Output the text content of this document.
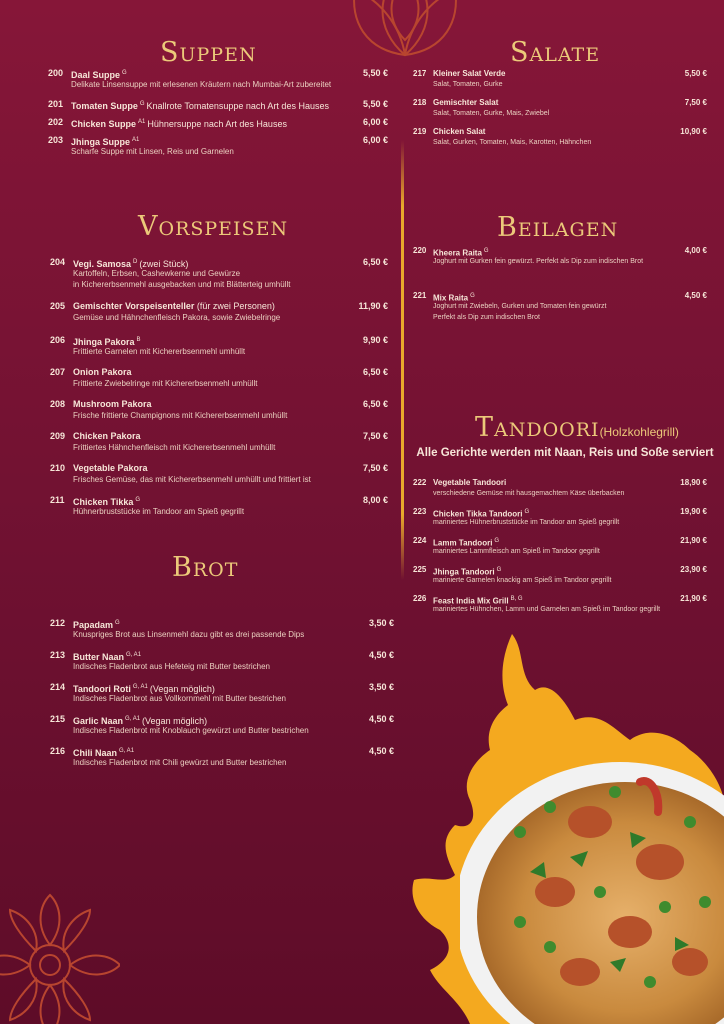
Suppen
Vorspeisen
Brot
Salate
Beilagen
Tandoori(Holzkohlegrill)
Alle Gerichte werden mit Naan, Reis und Soße serviert
200 Daal Suppe $^G$	5,50 €
Delikate Linsensuppe mit erlesenen Kräutern nach Mumbai-Art zubereitet
201 Tomaten Suppe $^G$ Knallrote Tomatensuppe nach Art des Hauses	5,50 €
202 Chicken Suppe $^{A1}$ Hühnersuppe nach Art des Hauses	6,00 €
203 Jhinga Suppe $^{A1}$	6,00 €
Scharfe Suppe mit Linsen, Reis und Garnelen
204 Vegi. Samosa $^D$ (zwei Stück)	6,50 €
Kartoffeln, Erbsen, Cashewkerne und Gewürze
in Kichererbsenmehl ausgebacken und mit Blätterteig umhüllt
205 Gemischter Vorspeisenteller (für zwei Personen)	11,90 €
Gemüse und Hähnchenfleisch Pakora, sowie Zwiebelringe
206 Jhinga Pakora $^B$	9,90 €
Frittierte Garnelen mit Kichererbsenmehl umhüllt
207 Onion Pakora	6,50 €
Frittierte Zwiebelringe mit Kichererbsenmehl umhüllt
208 Mushroom Pakora	6,50 €
Frische frittierte Champignons mit Kichererbsenmehl umhüllt
209 Chicken Pakora	7,50 €
Frittiertes Hähnchenfleisch mit Kichererbsenmehl umhüllt
210 Vegetable Pakora	7,50 €
Frisches Gemüse, das mit Kichererbsenmehl umhüllt und frittiert ist
211 Chicken Tikka $^G$	8,00 €
Hühnerbruststücke im Tandoor am Spieß gegrillt
212 Papadam $^G$	3,50 €
Knuspriges Brot aus Linsenmehl dazu gibt es drei passende Dips
213 Butter Naan $^{G, A1}$	4,50 €
Indisches Fladenbrot aus Hefeteig mit Butter bestrichen
214 Tandoori Roti $^{G, A1}$ (Vegan möglich)	3,50 €
Indisches Fladenbrot aus Vollkornmehl mit Butter bestrichen
215 Garlic Naan $^{G, A1}$ (Vegan möglich)	4,50 €
Indisches Fladenbrot mit Knoblauch gewürzt und Butter bestrichen
216 Chili Naan $^{G, A1}$	4,50 €
Indisches Fladenbrot mit Chili gewürzt und Butter bestrichen
217 Kleiner Salat Verde	5,50 €
Salat, Tomaten, Gurke
218 Gemischter Salat	7,50 €
Salat, Tomaten, Gurke, Mais, Zwiebel
219 Chicken Salat	10,90 €
Salat, Gurken, Tomaten, Mais, Karotten, Hähnchen
220 Kheera Raita $^G$	4,00 €
Joghurt mit Gurken fein gewürzt. Perfekt als Dip zum indischen Brot
221 Mix Raita $^G$	4,50 €
Joghurt mit Zwiebeln, Gurken und Tomaten fein gewürzt
Perfekt als Dip zum indischen Brot
222 Vegetable Tandoori	18,90 €
verschiedene Gemüse mit hausgemachtem Käse überbacken
223 Chicken Tikka Tandoori $^G$	19,90 €
mariniertes Hühnerbruststücke im Tandoor am Spieß gegrillt
224 Lamm Tandoori $^G$	21,90 €
mariniertes Lammfleisch am Spieß im Tandoor gegrillt
225 Jhinga Tandoori $^G$	23,90 €
marinierte Garnelen knackig am Spieß im Tandoor gegrillt
226 Feast India Mix Grill $^{B, G}$	21,90 €
mariniertes Hühnchen, Lamm und Garnelen am Spieß im Tandoor gegrillt
